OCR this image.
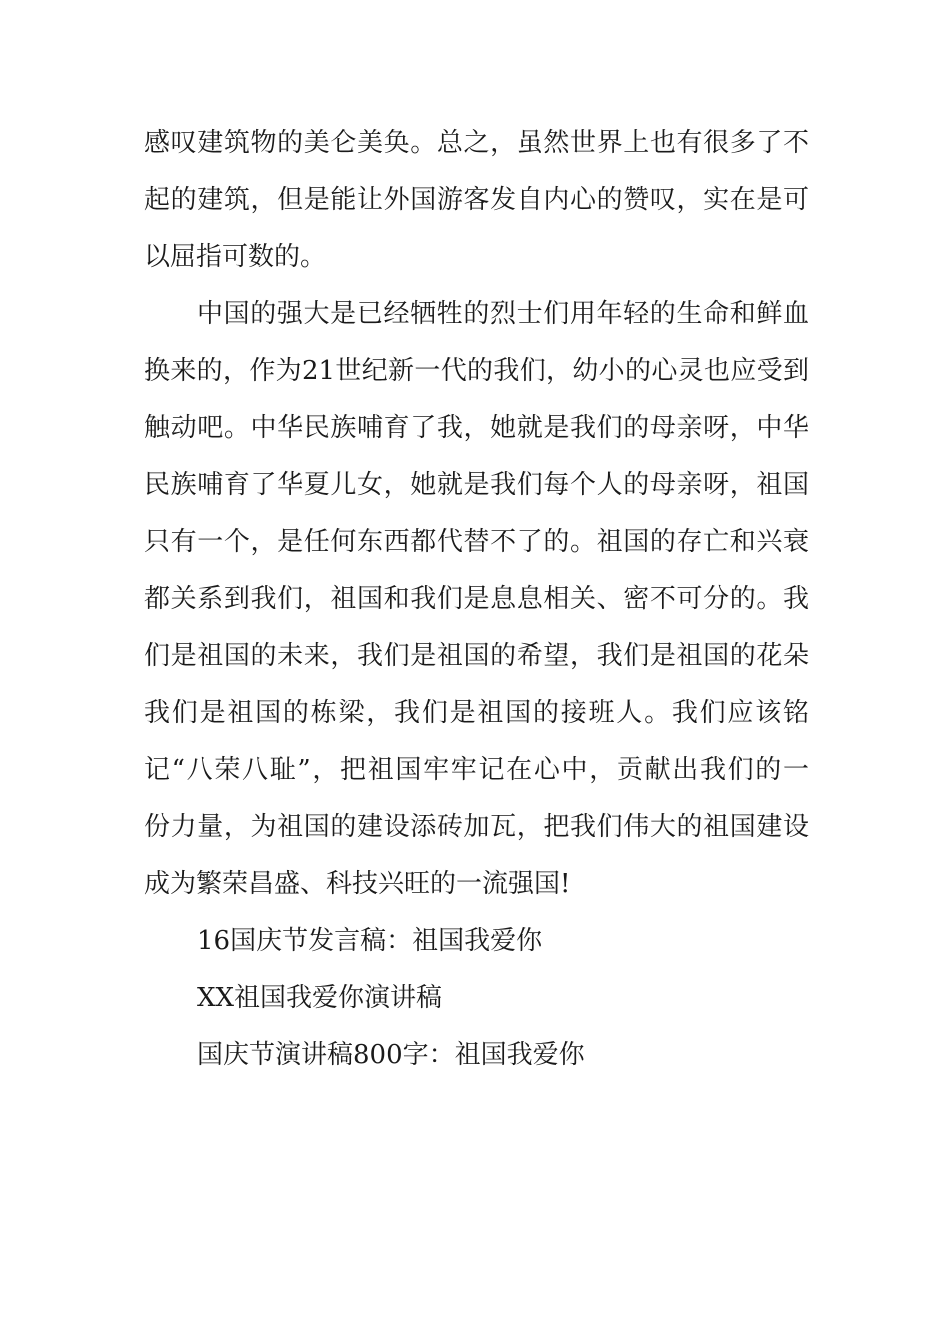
感叹建筑物的美仑美奂。总之，虽然世界上也有很多了不
起的建筑，但是能让外国游客发自内心的赞叹，实在是可
以屈指可数的。
中国的强大是已经牺牲的烈士们用年轻的生命和鲜血
换来的，作为21世纪新一代的我们，幼小的心灵也应受到
触动吧。中华民族哺育了我，她就是我们的母亲呀，中华
民族哺育了华夏儿女，她就是我们每个人的母亲呀，祖国
只有一个，是任何东西都代替不了的。祖国的存亡和兴衰
都关系到我们，祖国和我们是息息相关、密不可分的。我
们是祖国的未来，我们是祖国的希望，我们是祖国的花朵
我们是祖国的栋梁，我们是祖国的接班人。我们应该铭
记“八荣八耻”，把祖国牢牢记在心中，贡献出我们的一
份力量，为祖国的建设添砖加瓦，把我们伟大的祖国建设
成为繁荣昌盛、科技兴旺的一流强国!
16国庆节发言稿：祖国我爱你
XX祖国我爱你演讲稿
国庆节演讲稿800字：祖国我爱你
